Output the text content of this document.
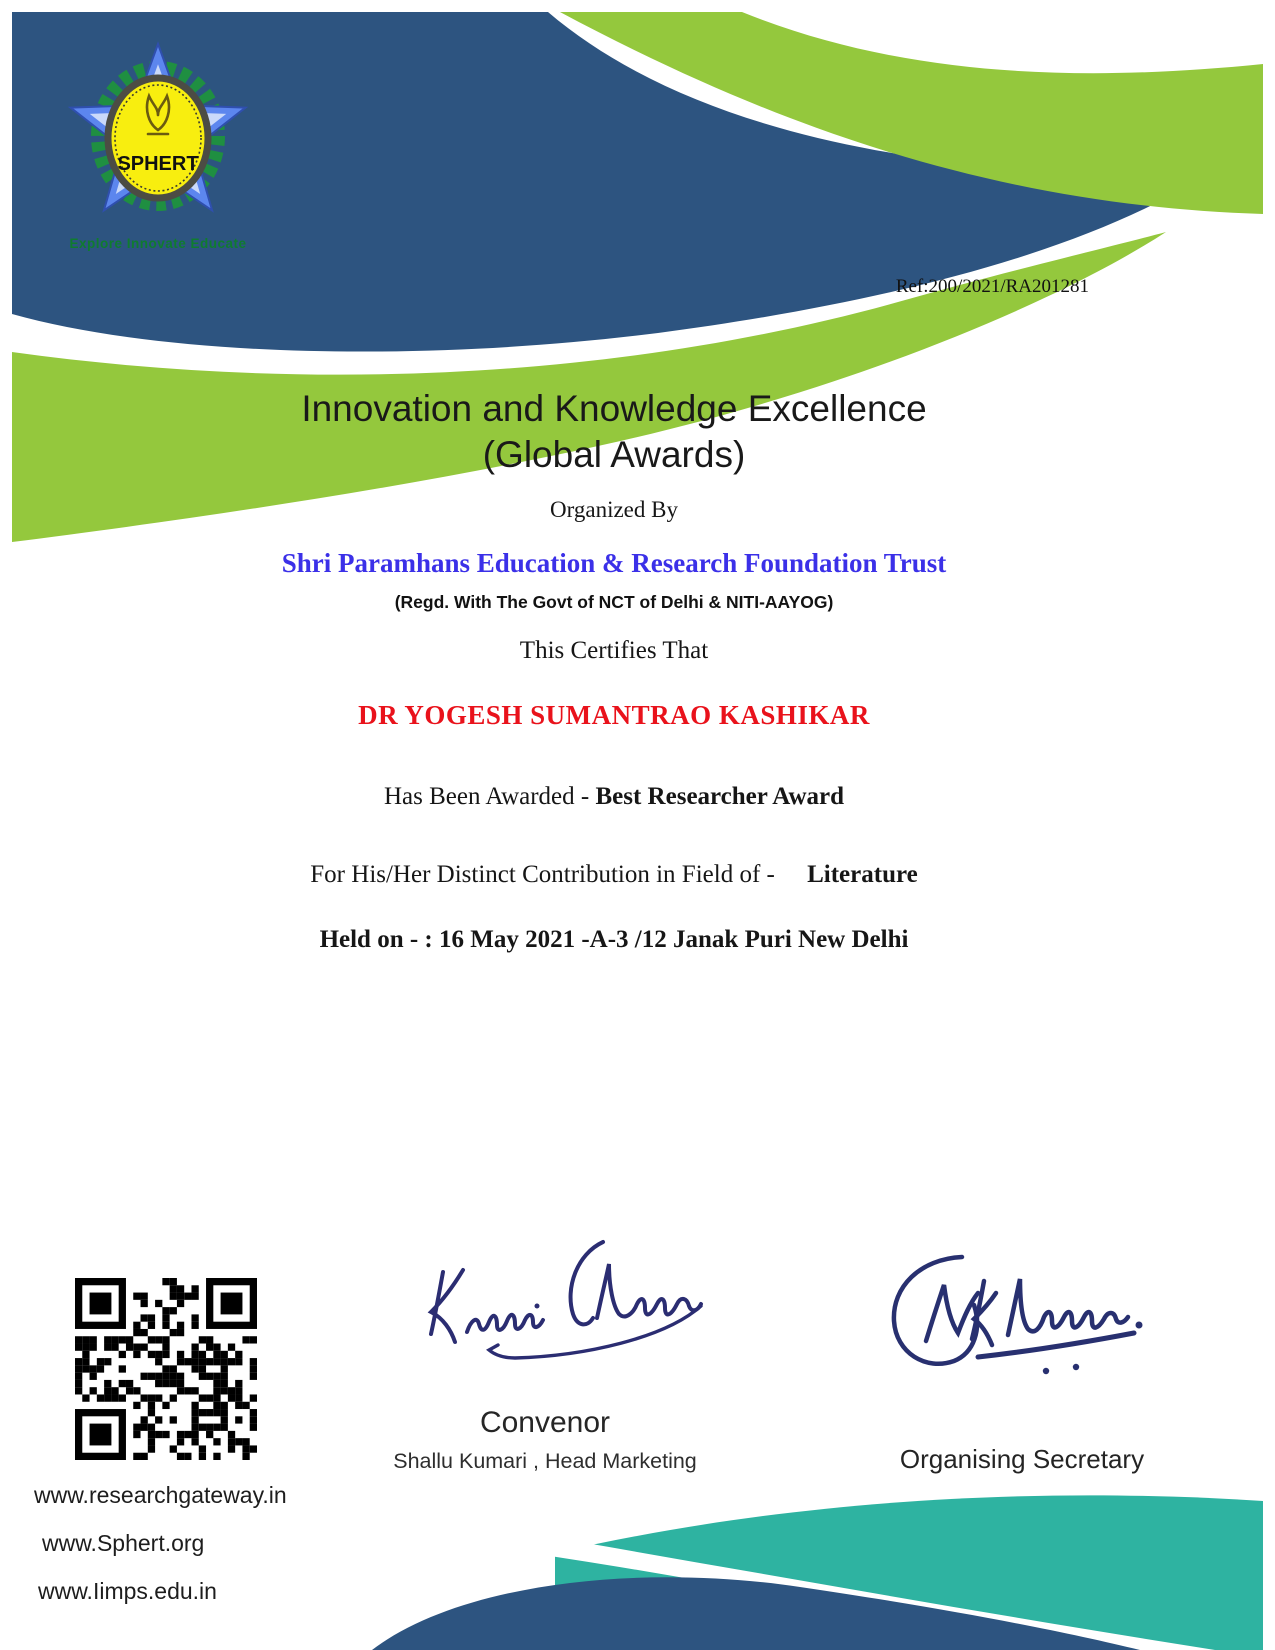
SPHERT
Explore Innovate Educate
Ref:200/2021/RA201281
Innovation and Knowledge Excellence
(Global Awards)
Organized By
Shri Paramhans Education & Research Foundation Trust
(Regd. With The Govt of NCT of Delhi & NITI-AAYOG)
This Certifies That
DR YOGESH SUMANTRAO KASHIKAR
Has Been Awarded - Best Researcher Award
For His/Her Distinct Contribution in Field of - Literature
Held on - : 16 May 2021 -A-3 /12 Janak Puri New Delhi
Convenor
Shallu Kumari , Head Marketing	Organising Secretary
www.researchgateway.in
www.Sphert.org
www.Iimps.edu.in
